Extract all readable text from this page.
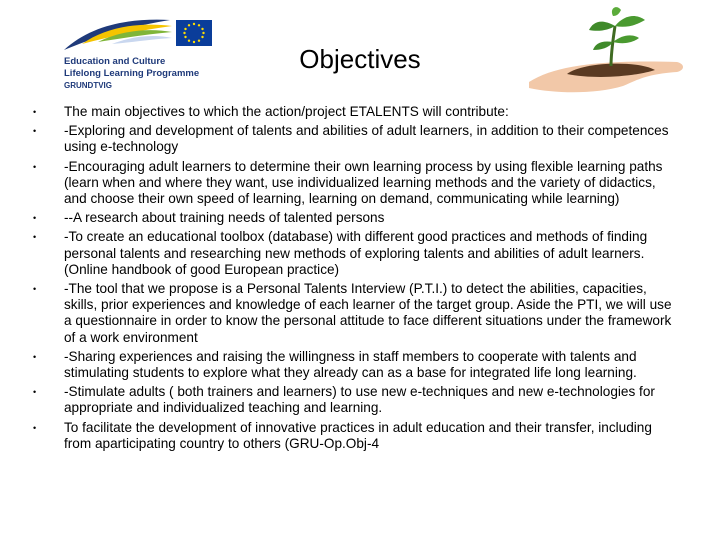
Education and Culture
Lifelong Learning Programme
GRUNDTVIG
Objectives
• The main objectives to which the action/project ETALENTS will contribute:
• -Exploring and development of talents and abilities of adult learners, in addition to their competences using e-technology
• -Encouraging adult learners to determine their own learning process by using flexible learning paths (learn when and where they want, use individualized learning methods and the variety of didactics, and choose their own speed of learning, learning on demand, communicating while learning)
• --A research about training needs of talented persons
• -To create an educational toolbox (database) with different good practices and methods of finding personal talents and researching new methods of exploring talents and abilities of adult learners. (Online handbook of good European practice)
• -The tool that we propose is a Personal Talents Interview (P.T.I.) to detect the abilities, capacities, skills, prior experiences and knowledge of each learner of the target group. Aside the PTI, we will use a questionnaire in order to know the personal attitude to face different situations under the framework of a work environment
• -Sharing experiences and raising the willingness in staff members to cooperate with talents and stimulating students to explore what they already can as a base for integrated life long learning.
• -Stimulate adults ( both trainers and learners) to use new e-techniques and new e-technologies for appropriate and individualized teaching and learning.
• To facilitate the development of innovative practices in adult education and their transfer, including from aparticipating country to others (GRU-Op.Obj-4
